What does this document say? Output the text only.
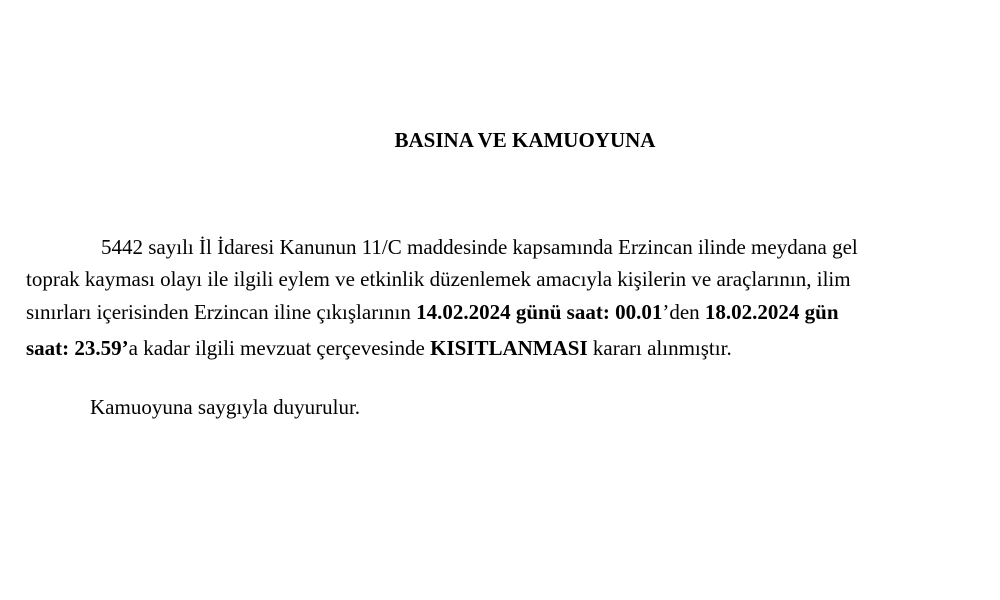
BASINA VE KAMUOYUNA
5442 sayılı İl İdaresi Kanunun 11/C maddesinde kapsamında Erzincan ilinde meydana gel
toprak kayması olayı ile ilgili eylem ve etkinlik düzenlemek amacıyla kişilerin ve araçlarının, ilim
sınırları içerisinden Erzincan iline çıkışlarının 14.02.2024 günü saat: 00.01’den 18.02.2024 gün
saat: 23.59’a kadar ilgili mevzuat çerçevesinde KISITLANMASI kararı alınmıştır.
Kamuoyuna saygıyla duyurulur.
